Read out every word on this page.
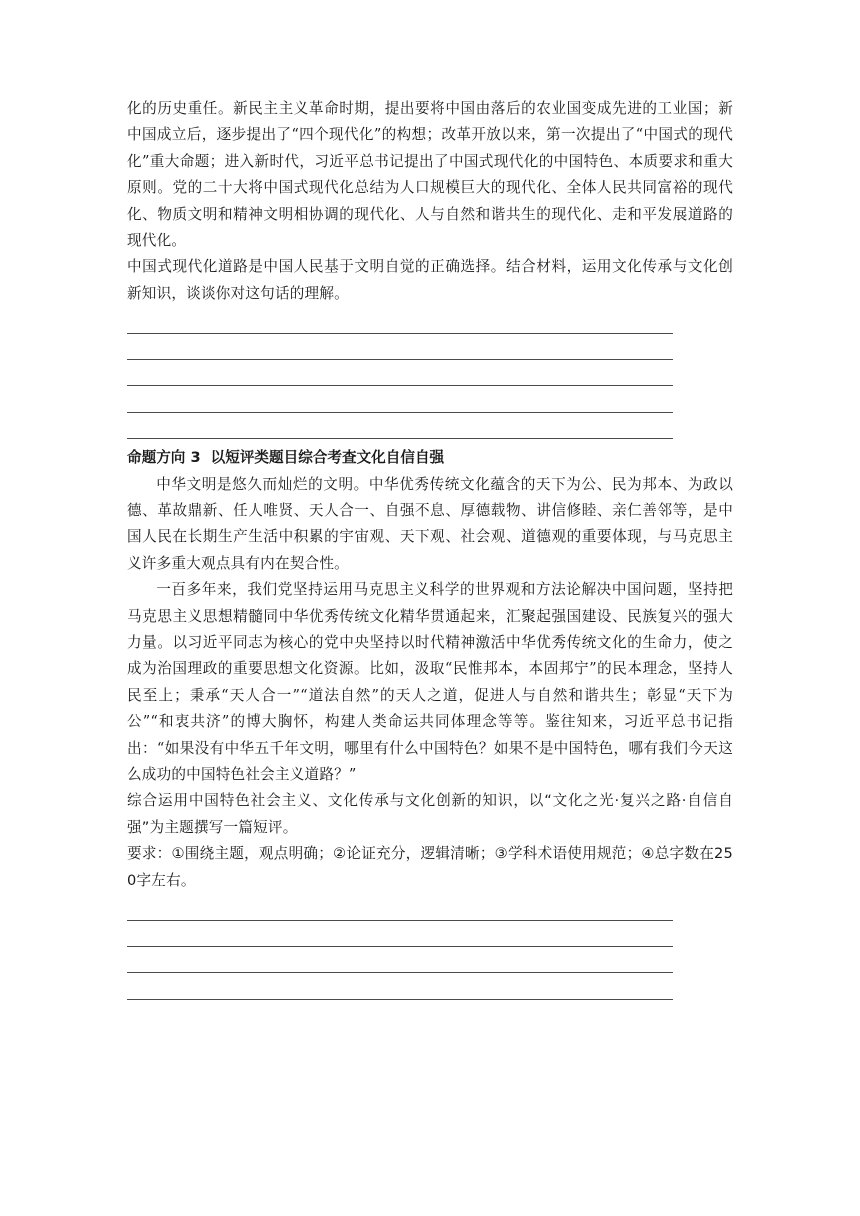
化的历史重任。新民主主义革命时期，提出要将中国由落后的农业国变成先进的工业国；新中国成立后，逐步提出了“四个现代化”的构想；改革开放以来，第一次提出了“中国式的现代化”重大命题；进入新时代，习近平总书记提出了中国式现代化的中国特色、本质要求和重大原则。党的二十大将中国式现代化总结为人口规模巨大的现代化、全体人民共同富裕的现代化、物质文明和精神文明相协调的现代化、人与自然和谐共生的现代化、走和平发展道路的现代化。

中国式现代化道路是中国人民基于文明自觉的正确选择。结合材料，运用文化传承与文化创新知识，谈谈你对这句话的理解。

命题方向 3 以短评类题目综合考查文化自信自强

中华文明是悠久而灿烂的文明。中华优秀传统文化蕴含的天下为公、民为邦本、为政以德、革故鼎新、任人唯贤、天人合一、自强不息、厚德载物、讲信修睦、亲仁善邻等，是中国人民在长期生产生活中积累的宇宙观、天下观、社会观、道德观的重要体现，与马克思主义许多重大观点具有内在契合性。

一百多年来，我们党坚持运用马克思主义科学的世界观和方法论解决中国问题，坚持把马克思主义思想精髓同中华优秀传统文化精华贯通起来，汇聚起强国建设、民族复兴的强大力量。以习近平同志为核心的党中央坚持以时代精神激活中华优秀传统文化的生命力，使之成为治国理政的重要思想文化资源。比如，汲取“民惟邦本，本固邦宁”的民本理念，坚持人民至上；秉承“天人合一”“道法自然”的天人之道，促进人与自然和谐共生；彰显“天下为公”“和衷共济”的博大胸怀，构建人类命运共同体理念等等。鉴往知来，习近平总书记指出：“如果没有中华五千年文明，哪里有什么中国特色？如果不是中国特色，哪有我们今天这么成功的中国特色社会主义道路？”

综合运用中国特色社会主义、文化传承与文化创新的知识，以“文化之光·复兴之路·自信自强”为主题撰写一篇短评。

要求：①围绕主题，观点明确；②论证充分，逻辑清晰；③学科术语使用规范；④总字数在250字左右。
